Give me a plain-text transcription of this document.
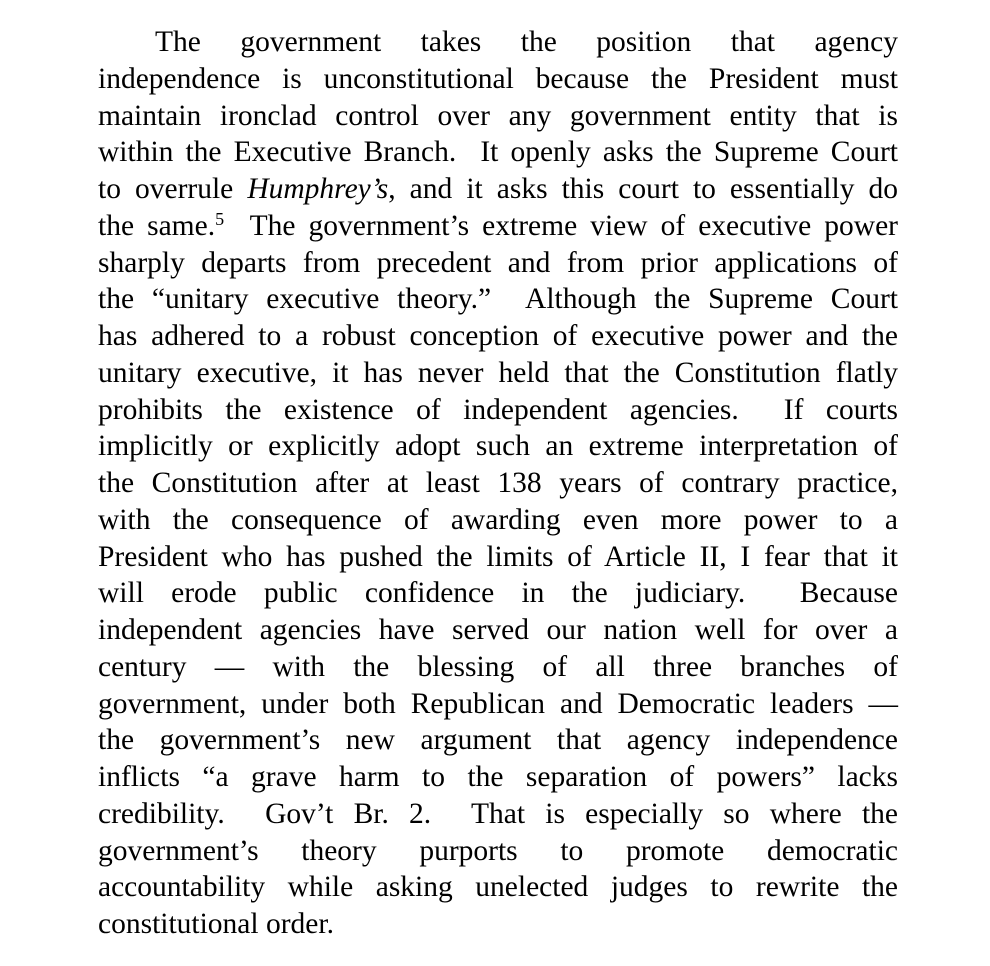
The government takes the position that agency
independence is unconstitutional because the President must
maintain ironclad control over any government entity that is
within the Executive Branch.  It openly asks the Supreme Court
to overrule Humphrey’s, and it asks this court to essentially do
the same.$^5$  The government’s extreme view of executive power
sharply departs from precedent and from prior applications of
the “unitary executive theory.”  Although the Supreme Court
has adhered to a robust conception of executive power and the
unitary executive, it has never held that the Constitution flatly
prohibits the existence of independent agencies.  If courts
implicitly or explicitly adopt such an extreme interpretation of
the Constitution after at least 138 years of contrary practice,
with the consequence of awarding even more power to a
President who has pushed the limits of Article II, I fear that it
will erode public confidence in the judiciary.  Because
independent agencies have served our nation well for over a
century — with the blessing of all three branches of
government, under both Republican and Democratic leaders —
the government’s new argument that agency independence
inflicts “a grave harm to the separation of powers” lacks
credibility.  Gov’t Br. 2.  That is especially so where the
government’s theory purports to promote democratic
accountability while asking unelected judges to rewrite the
constitutional order.
